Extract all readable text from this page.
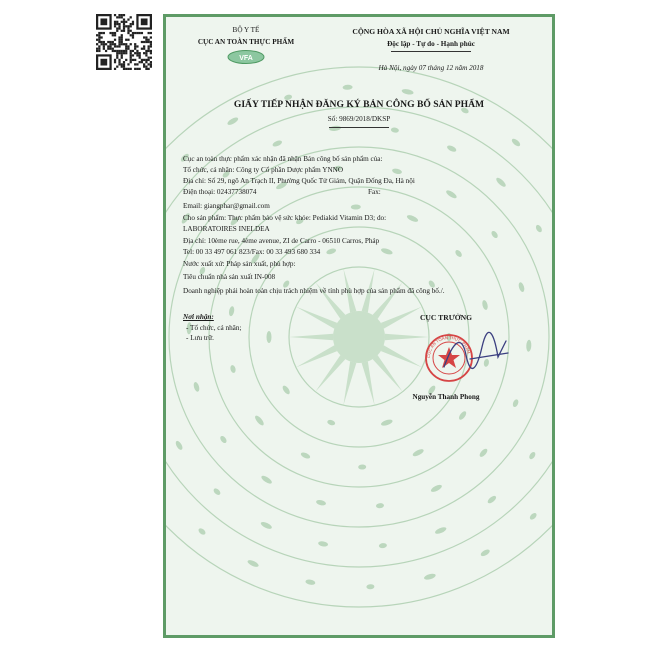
BỘ Y TẾ
CỤC AN TOÀN THỰC PHẨM
VFA
CỘNG HÒA XÃ HỘI CHỦ NGHĨA VIỆT NAM
Độc lập - Tự do - Hạnh phúc
Hà Nội, ngày 07 tháng 12 năm 2018
GIẤY TIẾP NHẬN ĐĂNG KÝ BẢN CÔNG BỐ SẢN PHẨM
Số: 9869/2018/DKSP
Cục an toàn thực phẩm xác nhận đã nhận Bản công bố sản phẩm của:
Tổ chức, cá nhân: Công ty Cổ phần Dược phẩm YNNO
Địa chỉ: Số 29, ngõ An Trạch II, Phường Quốc Tử Giám, Quận Đống Đa, Hà nội
Điện thoại: 02437738074	Fax:
Email: giangphar@gmail.com
Cho sản phẩm: Thực phẩm bảo vệ sức khỏe: Pediakid Vitamin D3; do:
LABORATOIRES INELDEA
Địa chỉ: 10ème rue, 4ème avenue, ZI de Carro - 06510 Carros, Pháp
Tel: 00 33 497 061 823/Fax: 00 33 493 680 334
Nước xuất xứ: Pháp sản xuất, phù hợp:
Tiêu chuẩn nhà sản xuất IN-008
Doanh nghiệp phải hoàn toàn chịu trách nhiệm về tính phù hợp của sản phẩm đã công bố./.
Nơi nhận:
- Tổ chức, cá nhân;
- Lưu trữ.
CỤC TRƯỞNG
CỤC AN TOÀN THỰC PHẨM
Nguyễn Thanh Phong
